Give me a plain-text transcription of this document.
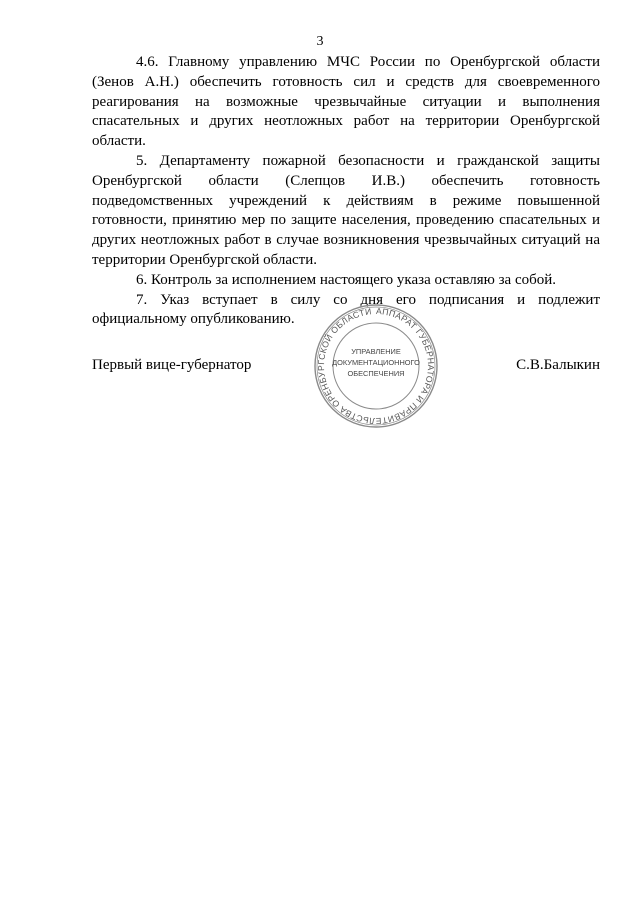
3

4.6. Главному управлению МЧС России по Оренбургской области (Зенов А.Н.) обеспечить готовность сил и средств для своевременного реагирования на возможные чрезвычайные ситуации и выполнения спасательных и других неотложных работ на территории Оренбургской области.

5. Департаменту пожарной безопасности и гражданской защиты Оренбургской области (Слепцов И.В.) обеспечить готовность подведомственных учреждений к действиям в режиме повышенной готовности, принятию мер по защите населения, проведению спасательных и других неотложных работ в случае возникновения чрезвычайных ситуаций на территории Оренбургской области.

6. Контроль за исполнением настоящего указа оставляю за собой.

7. Указ вступает в силу со дня его подписания и подлежит официальному опубликованию.

Первый вице-губернатор	С.В.Балыкин
АППАРАТ ГУБЕРНАТОРА И ПРАВИТЕЛЬСТВА ОРЕНБУРГСКОЙ ОБЛАСТИ
УПРАВЛЕНИЕ
ДОКУМЕНТАЦИОННОГО
ОБЕСПЕЧЕНИЯ
